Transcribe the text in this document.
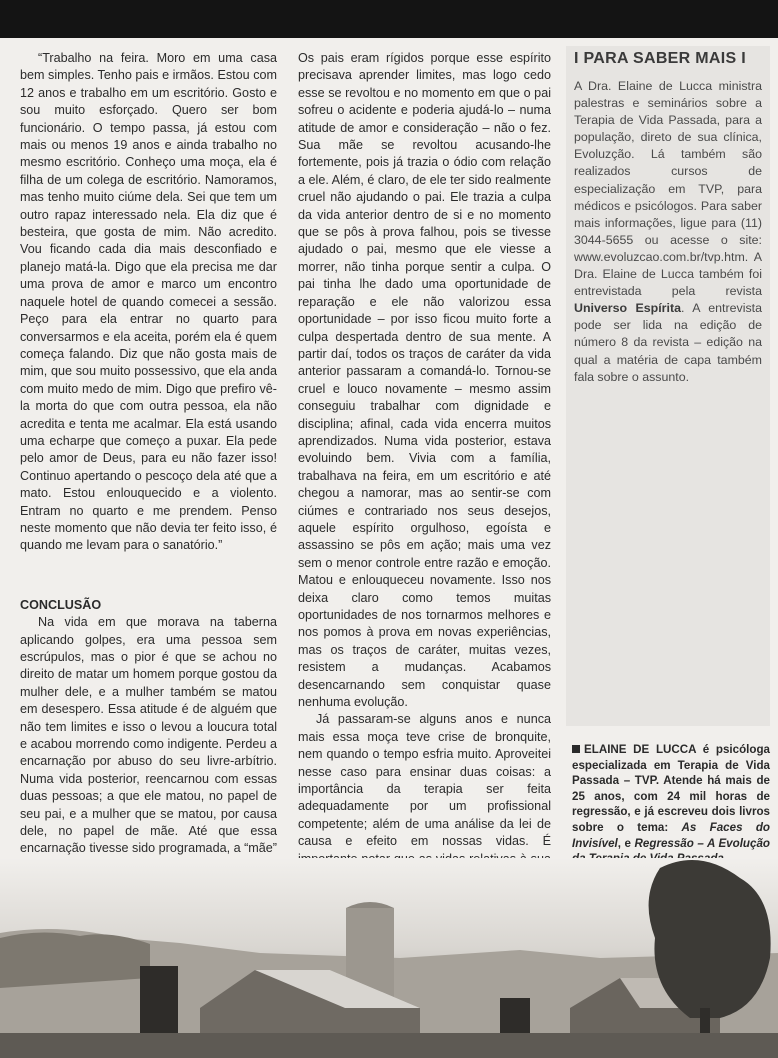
“Trabalho na feira. Moro em uma casa bem simples. Tenho pais e irmãos. Estou com 12 anos e trabalho em um escritório. Gosto e sou muito esforçado. Quero ser bom funcionário. O tempo passa, já estou com mais ou menos 19 anos e ainda trabalho no mesmo escritório. Conheço uma moça, ela é filha de um colega de escritório. Namoramos, mas tenho muito ciúme dela. Sei que tem um outro rapaz interessado nela. Ela diz que é besteira, que gosta de mim. Não acredito. Vou ficando cada dia mais desconfiado e planejo matá-la. Digo que ela precisa me dar uma prova de amor e marco um encontro naquele hotel de quando comecei a sessão. Peço para ela entrar no quarto para conversarmos e ela aceita, porém ela é quem começa falando. Diz que não gosta mais de mim, que sou muito possessivo, que ela anda com muito medo de mim. Digo que prefiro vê-la morta do que com outra pessoa, ela não acredita e tenta me acalmar. Ela está usando uma echarpe que começo a puxar. Ela pede pelo amor de Deus, para eu não fazer isso! Continuo apertando o pescoço dela até que a mato. Estou enlouquecido e a violento. Entram no quarto e me prendem. Penso neste momento que não devia ter feito isso, é quando me levam para o sanatório.”

CONCLUSÃO

Na vida em que morava na taberna aplicando golpes, era uma pessoa sem escrúpulos, mas o pior é que se achou no direito de matar um homem porque gostou da mulher dele, e a mulher também se matou em desespero. Essa atitude é de alguém que não tem limites e isso o levou a loucura total e acabou morrendo como indigente. Perdeu a encarnação por abuso do seu livre-arbítrio. Numa vida posterior, reencarnou com essas duas pessoas; a que ele matou, no papel de seu pai, e a mulher que se matou, por causa dele, no papel de mãe. Até que essa encarnação tivesse sido programada, a “mãe”

Os pais eram rígidos porque esse espírito precisava aprender limites, mas logo cedo esse se revoltou e no momento em que o pai sofreu o acidente e poderia ajudá-lo – numa atitude de amor e consideração – não o fez. Sua mãe se revoltou acusando-lhe fortemente, pois já trazia o ódio com relação a ele. Além, é claro, de ele ter sido realmente cruel não ajudando o pai. Ele trazia a culpa da vida anterior dentro de si e no momento que se pôs à prova falhou, pois se tivesse ajudado o pai, mesmo que ele viesse a morrer, não tinha porque sentir a culpa. O pai tinha lhe dado uma oportunidade de reparação e ele não valorizou essa oportunidade – por isso ficou muito forte a culpa despertada dentro de sua mente. A partir daí, todos os traços de caráter da vida anterior passaram a comandá-lo. Tornou-se cruel e louco novamente – mesmo assim conseguiu trabalhar com dignidade e disciplina; afinal, cada vida encerra muitos aprendizados. Numa vida posterior, estava evoluindo bem. Vivia com a família, trabalhava na feira, em um escritório e até chegou a namorar, mas ao sentir-se com ciúmes e contrariado nos seus desejos, aquele espírito orgulhoso, egoísta e assassino se pôs em ação; mais uma vez sem o menor controle entre razão e emoção. Matou e enlouqueceu novamente. Isso nos deixa claro como temos muitas oportunidades de nos tornarmos melhores e nos pomos à prova em novas experiências, mas os traços de caráter, muitas vezes, resistem a mudanças. Acabamos desencarnando sem conquistar quase nenhuma evolução.

Já passaram-se alguns anos e nunca mais essa moça teve crise de bronquite, nem quando o tempo esfria muito. Aproveitei nesse caso para ensinar duas coisas: a importância da terapia ser feita adequadamente por um profissional competente; além de uma análise da lei de causa e efeito em nossas vidas. É

I PARA SABER MAIS I
A Dra. Elaine de Lucca ministra palestras e seminários sobre a Terapia de Vida Passada, para a população, direto de sua clínica, Evoluzção. Lá também são realizados cursos de especialização em TVP, para médicos e psicólogos. Para saber mais informações, ligue para (11) 3044-5655 ou acesse o site: www.evoluzcao.com.br/tvp.htm. A Dra. Elaine de Lucca também foi entrevistada pela revista Universo Espírita. A entrevista pode ser lida na edição de número 8 da revista – edição na qual a matéria de capa também fala sobre o assunto.
ELAINE DE LUCCA é psicóloga especializada em Terapia de Vida Passada – TVP. Atende há mais de 25 anos, com 24 mil horas de regressão, e já escreveu dois livros sobre o tema: As Faces do Invisível, e Regressão – A Evolução
